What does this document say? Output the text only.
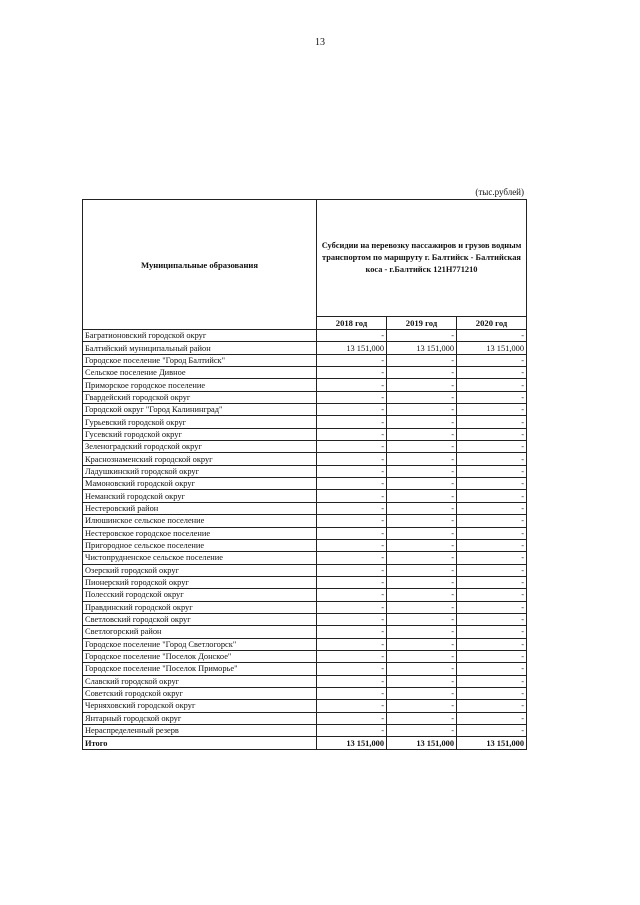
13
(тыс.рублей)
Муниципальные образования	Субсидии на перевозку пассажиров и грузов водным транспортом по маршруту г. Балтийск - Балтийская коса - г.Балтийск 121Н771210		
	2018 год	2019 год	2020 год
Багратионовский городской округ	-	-	-
Балтийский муниципальный район	13 151,000	13 151,000	13 151,000
Городское поселение "Город Балтийск"	-	-	-
Сельское поселение Дивное	-	-	-
Приморское городское поселение	-	-	-
Гвардейский городской округ	-	-	-
Городской округ "Город Калининград"	-	-	-
Гурьевский городской округ	-	-	-
Гусевский городской округ	-	-	-
Зеленоградский городской округ	-	-	-
Краснознаменский городской округ	-	-	-
Ладушкинский городской округ	-	-	-
Мамоновский городской округ	-	-	-
Неманский городской округ	-	-	-
Нестеровский район	-	-	-
Илюшинское сельское поселение	-	-	-
Нестеровское городское поселение	-	-	-
Пригородное сельское поселение	-	-	-
Чистопрудненское сельское поселение	-	-	-
Озерский городской округ	-	-	-
Пионерский городской округ	-	-	-
Полесский городской округ	-	-	-
Правдинский городской округ	-	-	-
Светловский городской округ	-	-	-
Светлогорский район	-	-	-
Городское поселение "Город Светлогорск"	-	-	-
Городское поселение "Поселок Донское"	-	-	-
Городское поселение "Поселок Приморье"	-	-	-
Славский городской округ	-	-	-
Советский городской округ	-	-	-
Черняховский городской округ	-	-	-
Янтарный городской округ	-	-	-
Нераспределенный резерв	-	-	-
Итого	13 151,000	13 151,000	13 151,000
